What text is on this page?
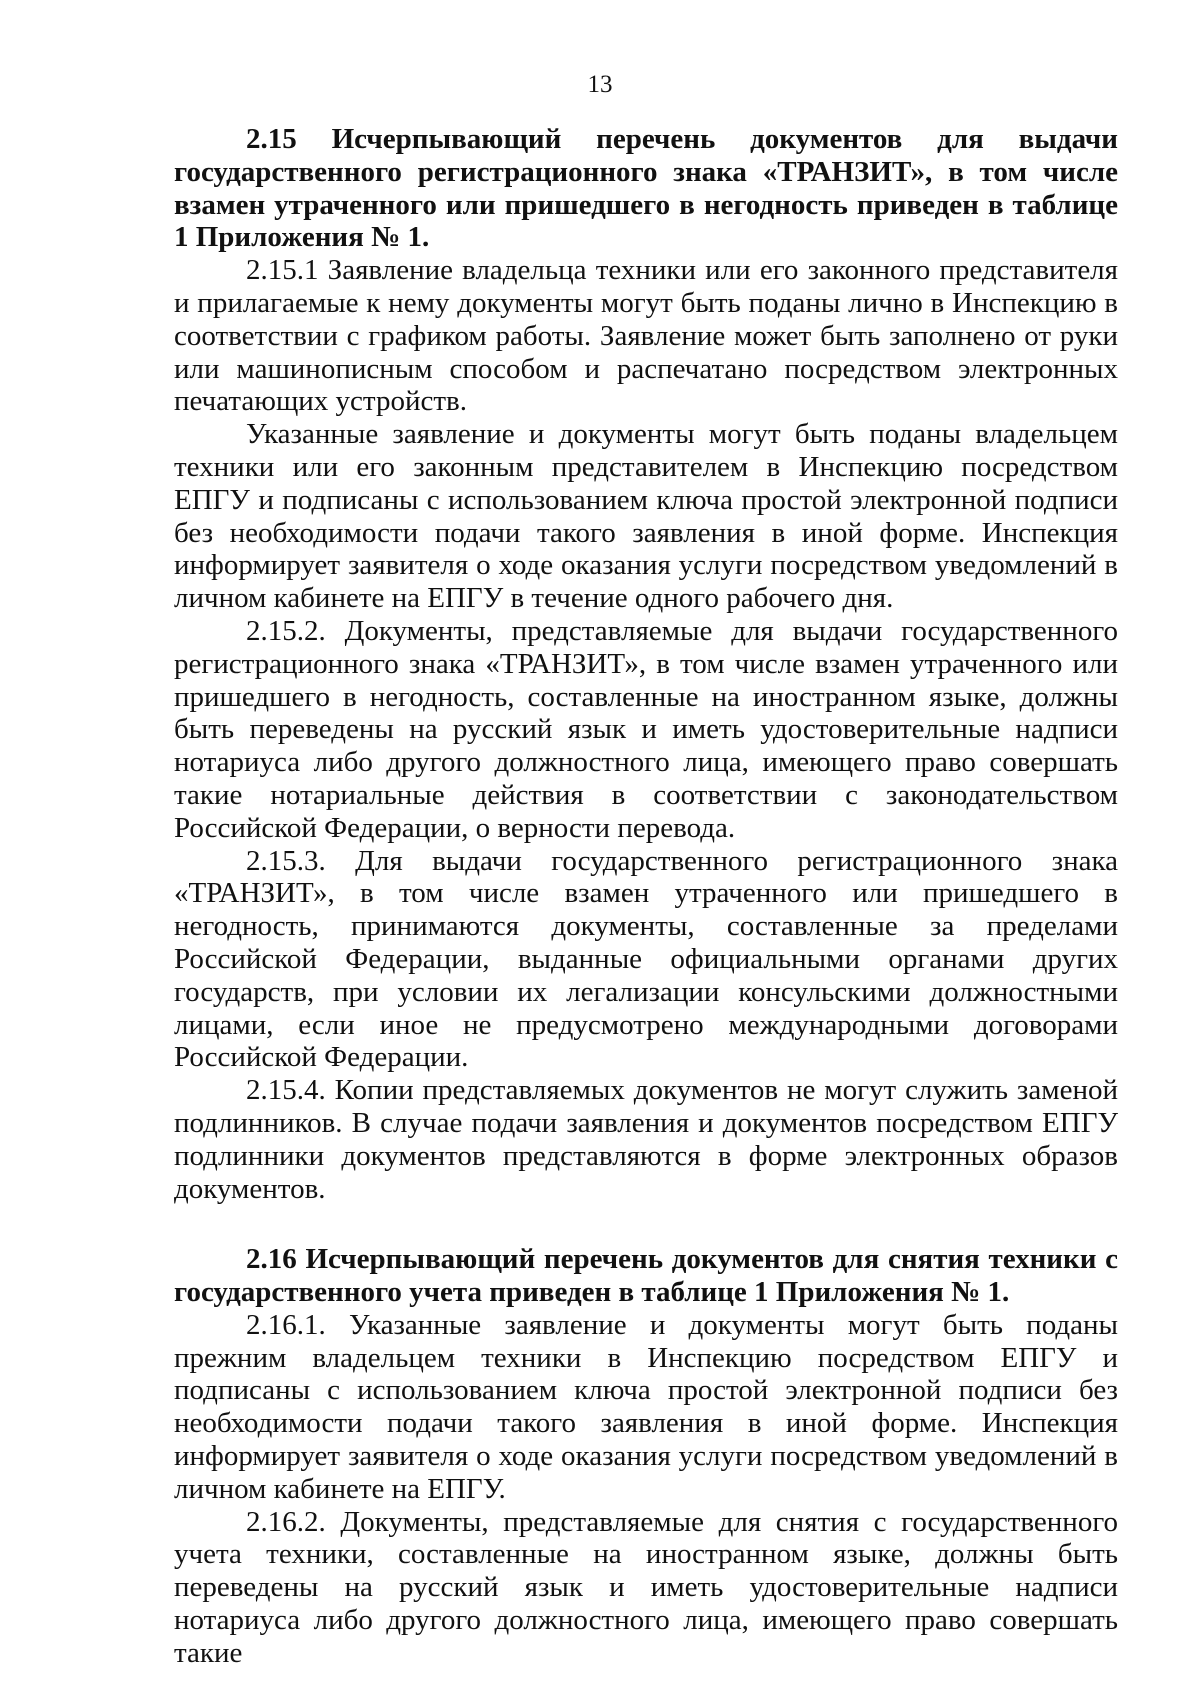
13

2.15 Исчерпывающий перечень документов для выдачи государственного регистрационного знака «ТРАНЗИТ», в том числе взамен утраченного или пришедшего в негодность приведен в таблице 1 Приложения № 1.

2.15.1 Заявление владельца техники или его законного представителя и прилагаемые к нему документы могут быть поданы лично в Инспекцию в соответствии с графиком работы. Заявление может быть заполнено от руки или машинописным способом и распечатано посредством электронных печатающих устройств.

Указанные заявление и документы могут быть поданы владельцем техники или его законным представителем в Инспекцию посредством ЕПГУ и подписаны с использованием ключа простой электронной подписи без необходимости подачи такого заявления в иной форме. Инспекция информирует заявителя о ходе оказания услуги посредством уведомлений в личном кабинете на ЕПГУ в течение одного рабочего дня.

2.15.2. Документы, представляемые для выдачи государственного регистрационного знака «ТРАНЗИТ», в том числе взамен утраченного или пришедшего в негодность, составленные на иностранном языке, должны быть переведены на русский язык и иметь удостоверительные надписи нотариуса либо другого должностного лица, имеющего право совершать такие нотариальные действия в соответствии с законодательством Российской Федерации, о верности перевода.

2.15.3. Для выдачи государственного регистрационного знака «ТРАНЗИТ», в том числе взамен утраченного или пришедшего в негодность, принимаются документы, составленные за пределами Российской Федерации, выданные официальными органами других государств, при условии их легализации консульскими должностными лицами, если иное не предусмотрено международными договорами Российской Федерации.

2.15.4. Копии представляемых документов не могут служить заменой подлинников. В случае подачи заявления и документов посредством ЕПГУ подлинники документов представляются в форме электронных образов документов.

2.16 Исчерпывающий перечень документов для снятия техники с государственного учета приведен в таблице 1 Приложения № 1.

2.16.1. Указанные заявление и документы могут быть поданы прежним владельцем техники в Инспекцию посредством ЕПГУ и подписаны с использованием ключа простой электронной подписи без необходимости подачи такого заявления в иной форме. Инспекция информирует заявителя о ходе оказания услуги посредством уведомлений в личном кабинете на ЕПГУ.

2.16.2. Документы, представляемые для снятия с государственного учета техники, составленные на иностранном языке, должны быть переведены на русский язык и иметь удостоверительные надписи нотариуса либо другого должностного лица, имеющего право совершать такие
